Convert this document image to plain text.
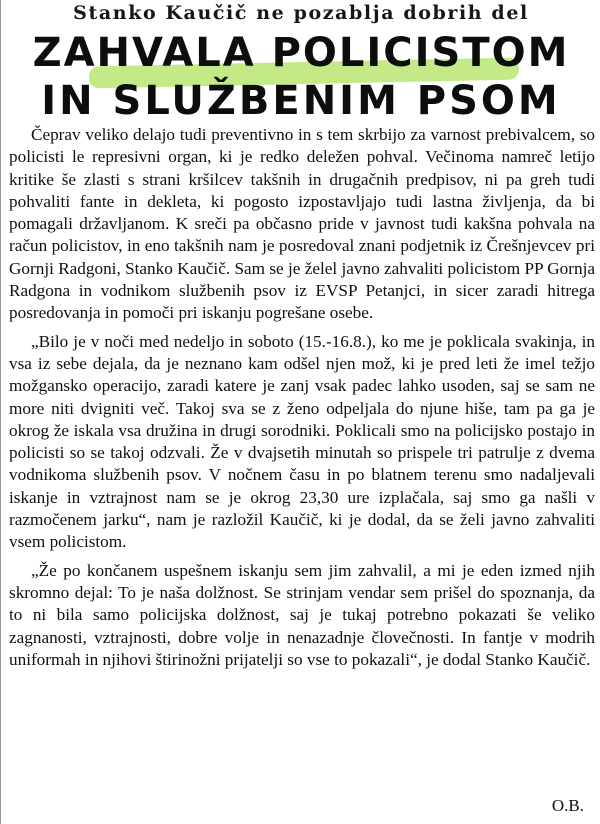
Stanko Kaučič ne pozablja dobrih del
ZAHVALA POLICISTOM
IN SLUŽBENIM PSOM

Čeprav veliko delajo tudi preventivno in s tem skrbijo za varnost prebivalcem, so policisti le represivni organ, ki je redko deležen pohval. Večinoma namreč letijo kritike še zlasti s strani kršilcev takšnih in drugačnih predpisov, ni pa greh tudi pohvaliti fante in dekleta, ki pogosto izpostavljajo tudi lastna življenja, da bi pomagali državljanom. K sreči pa občasno pride v javnost tudi kakšna pohvala na račun policistov, in eno takšnih nam je posredoval znani podjetnik iz Črešnjevcev pri Gornji Radgoni, Stanko Kaučič. Sam se je želel javno zahvaliti policistom PP Gornja Radgona in vodnikom službenih psov iz EVSP Petanjci, in sicer zaradi hitrega posredovanja in pomoči pri iskanju pogrešane osebe.

„Bilo je v noči med nedeljo in soboto (15.-16.8.), ko me je poklicala svakinja, in vsa iz sebe dejala, da je neznano kam odšel njen mož, ki je pred leti že imel težjo možgansko operacijo, zaradi katere je zanj vsak padec lahko usoden, saj se sam ne more niti dvigniti več. Takoj sva se z ženo odpeljala do njune hiše, tam pa ga je okrog že iskala vsa družina in drugi sorodniki. Poklicali smo na policijsko postajo in policisti so se takoj odzvali. Že v dvajsetih minutah so prispele tri patrulje z dvema vodnikoma službenih psov. V nočnem času in po blatnem terenu smo nadaljevali iskanje in vztrajnost nam se je okrog 23,30 ure izplačala, saj smo ga našli v razmočenem jarku“, nam je razložil Kaučič, ki je dodal, da se želi javno zahvaliti vsem policistom.

„Že po končanem uspešnem iskanju sem jim zahvalil, a mi je eden izmed njih skromno dejal: To je naša dolžnost. Se strinjam vendar sem prišel do spoznanja, da to ni bila samo policijska dolžnost, saj je tukaj potrebno pokazati še veliko zagnanosti, vztrajnosti, dobre volje in nenazadnje človečnosti. In fantje v modrih uniformah in njihovi štirinožni prijatelji so vse to pokazali“, je dodal Stanko Kaučič.

O.B.
